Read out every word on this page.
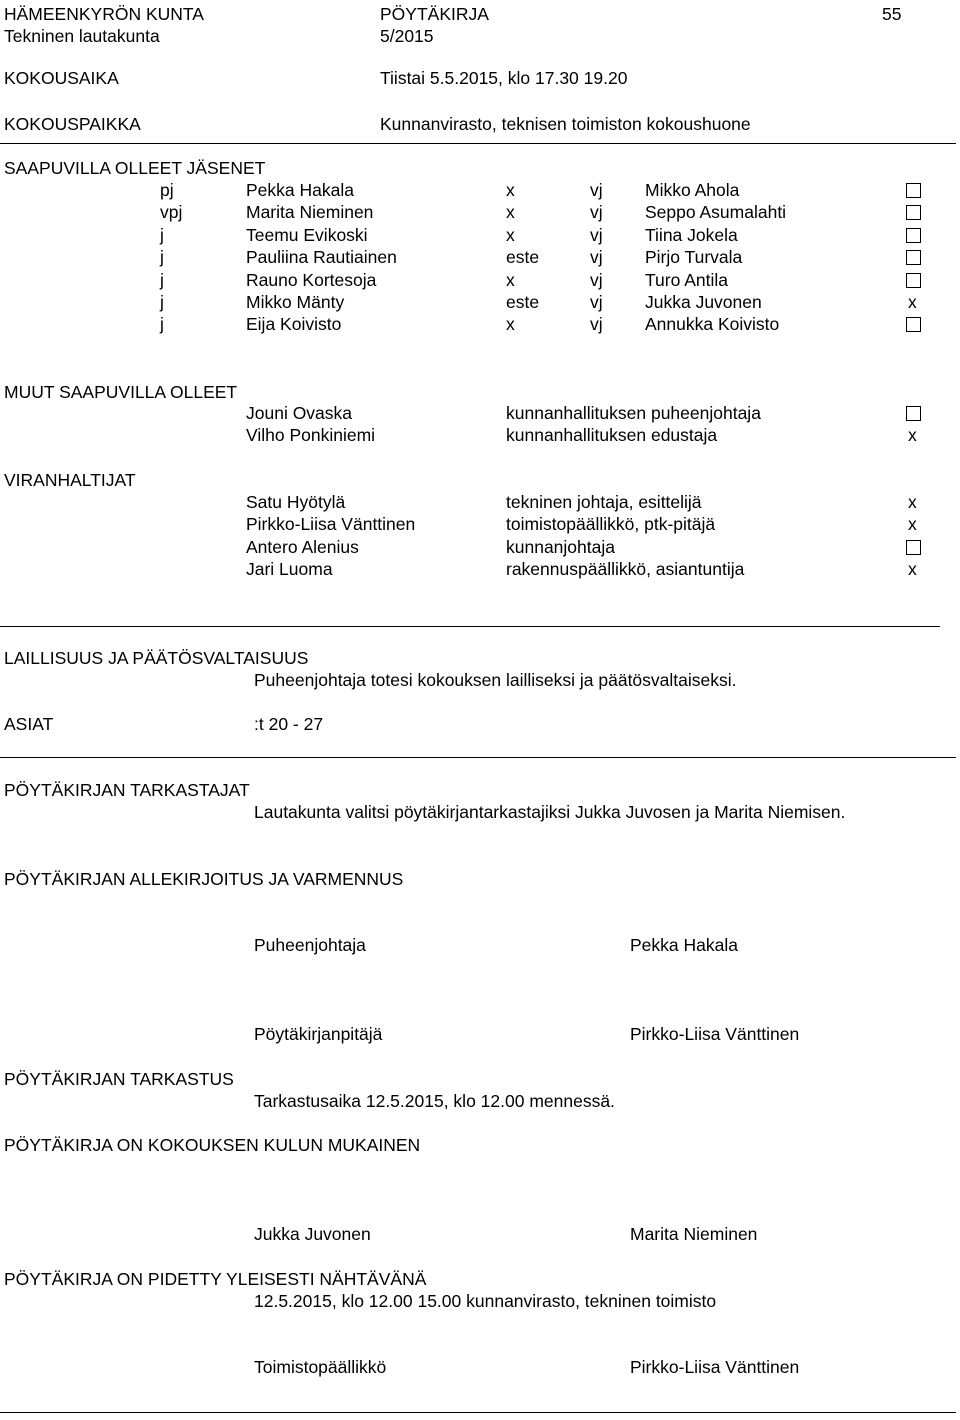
HÄMEENKYRÖN KUNTA
Tekninen lautakunta
PÖYTÄKIRJA
5/2015
55
KOKOUSAIKA	Tiistai 5.5.2015, klo 17.30 19.20
KOKOUSPAIKKA	Kunnanvirasto, teknisen toimiston kokoushuone
SAAPUVILLA OLLEET JÄSENET
pj	Pekka Hakala	x	vj Mikko Ahola
vpj	Marita Nieminen	x	vj Seppo Asumalahti
j	Teemu Evikoski	x	vj Tiina Jokela
j	Pauliina Rautiainen	este	vj Pirjo Turvala
j	Rauno Kortesoja	x	vj Turo Antila
j	Mikko Mänty	este	vj Jukka Juvonen	x
j	Eija Koivisto	x	vj Annukka Koivisto
MUUT SAAPUVILLA OLLEET
Jouni Ovaska	kunnanhallituksen puheenjohtaja
Vilho Ponkiniemi	kunnanhallituksen edustaja	x
VIRANHALTIJAT
Satu Hyötylä	tekninen johtaja, esittelijä	x
Pirkko-Liisa Vänttinen	toimistopäällikkö, ptk-pitäjä	x
Antero Alenius	kunnanjohtaja
Jari Luoma	rakennuspäällikkö, asiantuntija	x
LAILLISUUS JA PÄÄTÖSVALTAISUUS
Puheenjohtaja totesi kokouksen lailliseksi ja päätösvaltaiseksi.
ASIAT	:t 20 - 27
PÖYTÄKIRJAN TARKASTAJAT
Lautakunta valitsi pöytäkirjantarkastajiksi Jukka Juvosen ja Marita Niemisen.
PÖYTÄKIRJAN ALLEKIRJOITUS JA VARMENNUS
Puheenjohtaja	Pekka Hakala
Pöytäkirjanpitäjä	Pirkko-Liisa Vänttinen
PÖYTÄKIRJAN TARKASTUS
Tarkastusaika 12.5.2015, klo 12.00 mennessä.
PÖYTÄKIRJA ON KOKOUKSEN KULUN MUKAINEN
Jukka Juvonen	Marita Nieminen
PÖYTÄKIRJA ON PIDETTY YLEISESTI NÄHTÄVÄNÄ
12.5.2015, klo 12.00 15.00 kunnanvirasto, tekninen toimisto
Toimistopäällikkö	Pirkko-Liisa Vänttinen
